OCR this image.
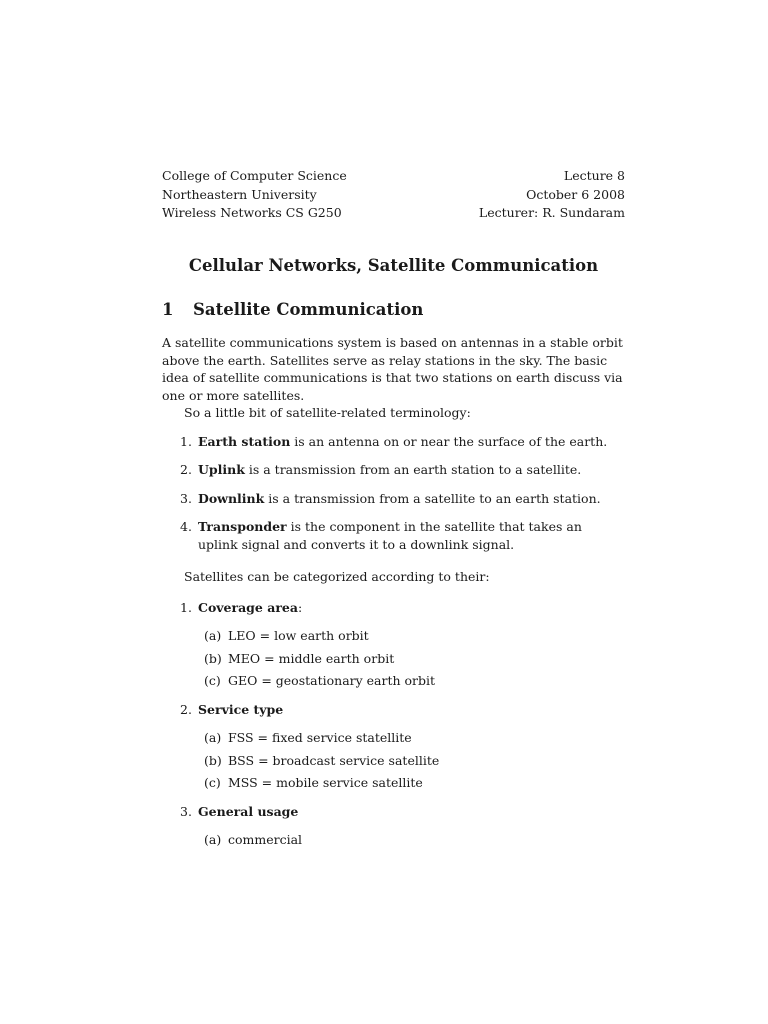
College of Computer Science
Northeastern University
Wireless Networks CS G250
Lecture 8
October 6 2008
Lecturer: R. Sundaram
Cellular Networks, Satellite Communication
1 Satellite Communication

A satellite communications system is based on antennas in a stable orbit above the earth. Satellites serve as relay stations in the sky. The basic idea of satellite communications is that two stations on earth discuss via one or more satellites.

So a little bit of satellite-related terminology:

1. Earth station is an antenna on or near the surface of the earth.
2. Uplink is a transmission from an earth station to a satellite.
3. Downlink is a transmission from a satellite to an earth station.
4. Transponder is the component in the satellite that takes an uplink signal and converts it to a downlink signal.

Satellites can be categorized according to their:

1. Coverage area:
(a) LEO = low earth orbit
(b) MEO = middle earth orbit
(c) GEO = geostationary earth orbit
2. Service type
(a) FSS = fixed service statellite
(b) BSS = broadcast service satellite
(c) MSS = mobile service satellite
3. General usage
(a) commercial
